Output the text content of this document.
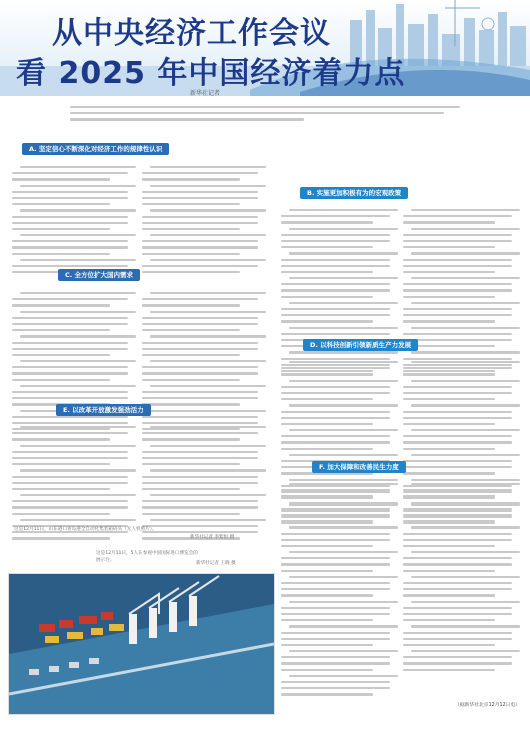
从中央经济工作会议
看 2025 年中国经济着力点
新华社记者
A. 坚定信心不断深化对经济工作的规律性认识
B. 实施更加积极有为的宏观政策
C. 全方位扩大国内需求
D. 以科技创新引领新质生产力发展
E. 以改革开放激发强劲活力
这是12月11日，山东港口青岛港全自动化集装箱码头（无人机照片）。
新华社记者 李紫恒 摄
这是12月11日，5人在参观中国国际进口博览会的
展示台。
新华社记者 王晓 摄
F. 加大保障和改善民生力度
（据新华社北京12月12日电）
